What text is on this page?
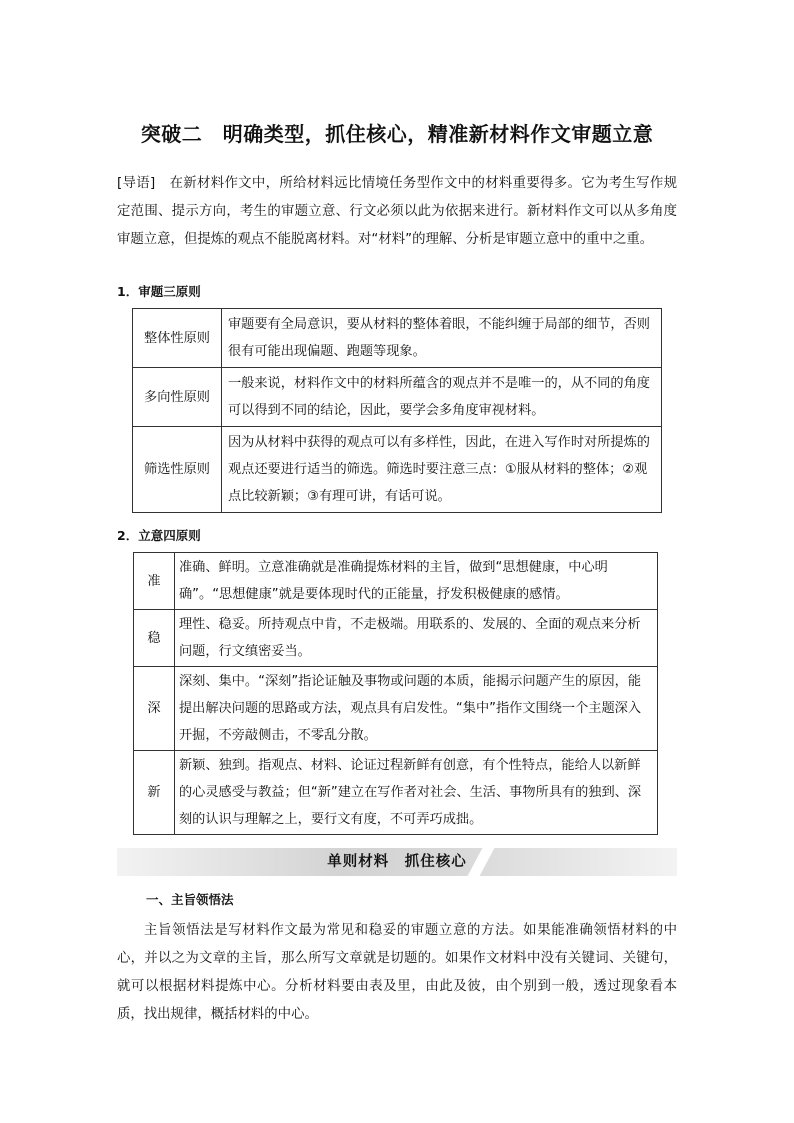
突破二　明确类型，抓住核心，精准新材料作文审题立意
[导语] 在新材料作文中，所给材料远比情境任务型作文中的材料重要得多。它为考生写作规定范围、提示方向，考生的审题立意、行文必须以此为依据来进行。新材料作文可以从多角度审题立意，但提炼的观点不能脱离材料。对“材料”的理解、分析是审题立意中的重中之重。
1．审题三原则
整体性原则	审题要有全局意识，要从材料的整体着眼，不能纠缠于局部的细节，否则很有可能出现偏题、跑题等现象。
多向性原则	一般来说，材料作文中的材料所蕴含的观点并不是唯一的，从不同的角度可以得到不同的结论，因此，要学会多角度审视材料。
筛选性原则	因为从材料中获得的观点可以有多样性，因此，在进入写作时对所提炼的观点还要进行适当的筛选。筛选时要注意三点：①服从材料的整体；②观点比较新颖；③有理可讲，有话可说。
2．立意四原则
准	准确、鲜明。立意准确就是准确提炼材料的主旨，做到“思想健康，中心明确”。“思想健康”就是要体现时代的正能量，抒发积极健康的感情。
稳	理性、稳妥。所持观点中肯，不走极端。用联系的、发展的、全面的观点来分析问题，行文缜密妥当。
深	深刻、集中。“深刻”指论证触及事物或问题的本质，能揭示问题产生的原因，能提出解决问题的思路或方法，观点具有启发性。“集中”指作文围绕一个主题深入开掘，不旁敲侧击，不零乱分散。
新	新颖、独到。指观点、材料、论证过程新鲜有创意，有个性特点，能给人以新鲜的心灵感受与教益；但“新”建立在写作者对社会、生活、事物所具有的独到、深刻的认识与理解之上，要行文有度，不可弄巧成拙。
单则材料　抓住核心
一、主旨领悟法
主旨领悟法是写材料作文最为常见和稳妥的审题立意的方法。如果能准确领悟材料的中心，并以之为文章的主旨，那么所写文章就是切题的。如果作文材料中没有关键词、关键句，就可以根据材料提炼中心。分析材料要由表及里，由此及彼，由个别到一般，透过现象看本质，找出规律，概括材料的中心。
